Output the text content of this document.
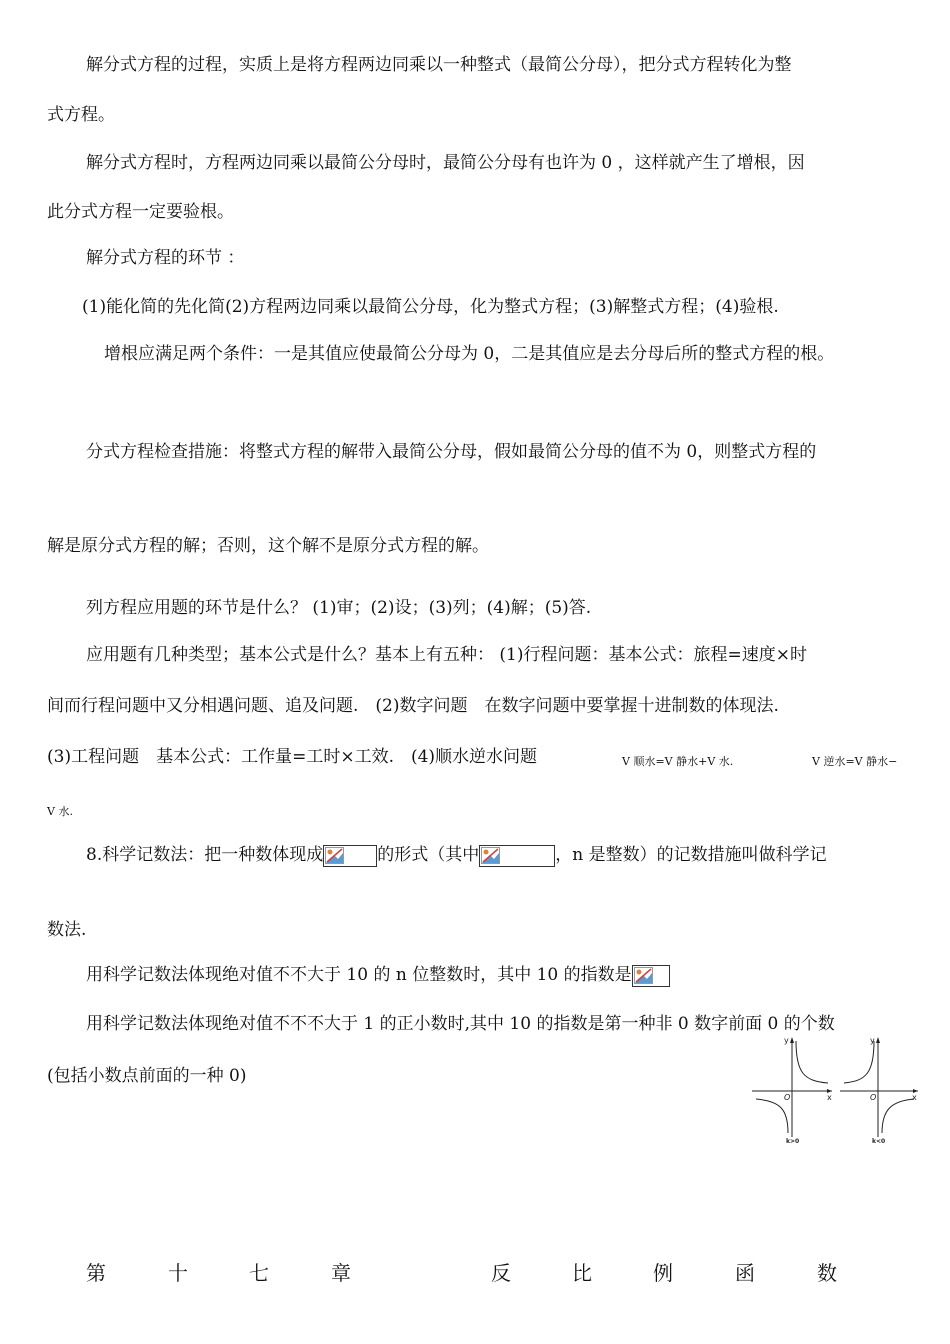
解分式方程的过程，实质上是将方程两边同乘以一种整式（最简公分母），把分式方程转化为整
式方程。
解分式方程时，方程两边同乘以最简公分母时，最简公分母有也许为 0 ，这样就产生了增根，因
此分式方程一定要验根。
解分式方程的环节 ：
(1)能化简的先化简(2)方程两边同乘以最简公分母，化为整式方程；(3)解整式方程；(4)验根.
增根应满足两个条件：一是其值应使最简公分母为 0，二是其值应是去分母后所的整式方程的根。
分式方程检查措施：将整式方程的解带入最简公分母，假如最简公分母的值不为 0，则整式方程的
解是原分式方程的解；否则，这个解不是原分式方程的解。
列方程应用题的环节是什么？ (1)审；(2)设；(3)列；(4)解；(5)答.
应用题有几种类型；基本公式是什么？基本上有五种： (1)行程问题：基本公式：旅程=速度×时
间而行程问题中又分相遇问题、追及问题.　(2)数字问题　在数字问题中要掌握十进制数的体现法.
(3)工程问题　基本公式：工作量=工时×工效.　(4)顺水逆水问题	V 顺水=V 静水+V 水.	V 逆水=V 静水−
V 水.
8.科学记数法：把一种数体现成	的形式（其中	，n 是整数）的记数措施叫做科学记
数法.
用科学记数法体现绝对值不不大于 10 的 n 位整数时，其中 10 的指数是
用科学记数法体现绝对值不不不大于 1 的正小数时,其中 10 的指数是第一种非 0 数字前面 0 的个数
(包括小数点前面的一种 0)
y
x
O
k>0
y
x
O
k<0
第	十	七	章	反	比	例	函	数
